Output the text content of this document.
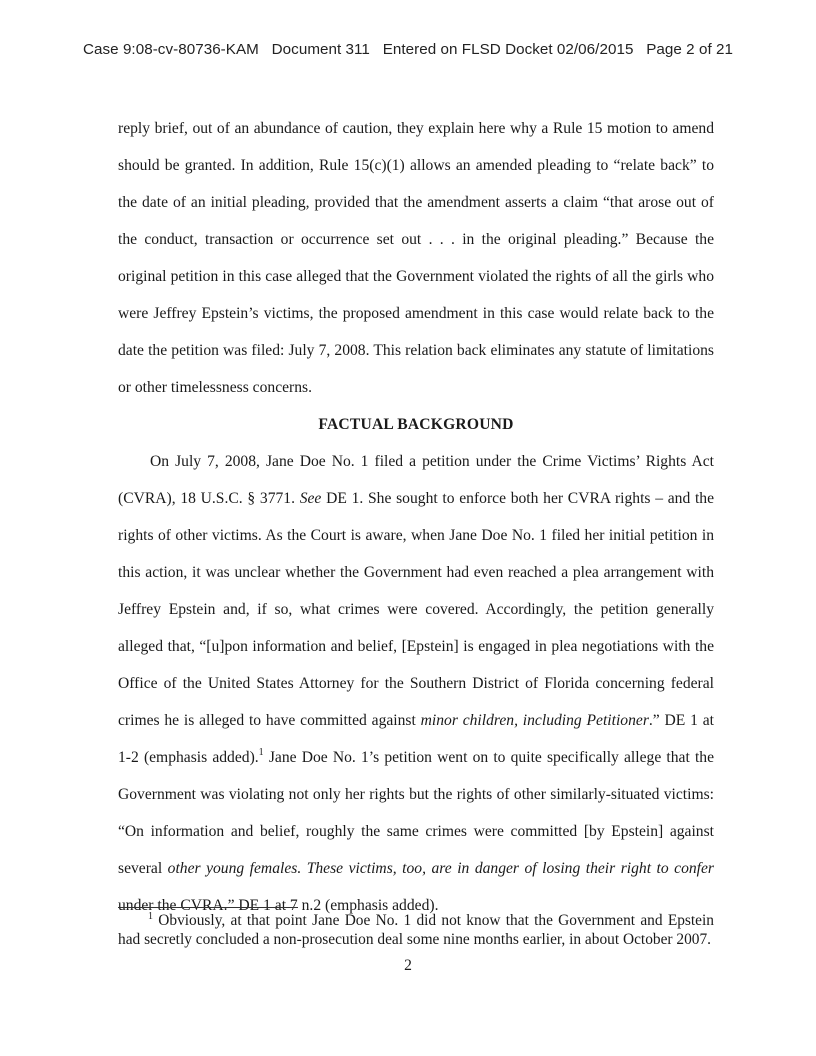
Case 9:08-cv-80736-KAM   Document 311   Entered on FLSD Docket 02/06/2015   Page 2 of 21

reply brief, out of an abundance of caution, they explain here why a Rule 15 motion to amend should be granted. In addition, Rule 15(c)(1) allows an amended pleading to “relate back” to the date of an initial pleading, provided that the amendment asserts a claim “that arose out of the conduct, transaction or occurrence set out . . . in the original pleading.” Because the original petition in this case alleged that the Government violated the rights of all the girls who were Jeffrey Epstein’s victims, the proposed amendment in this case would relate back to the date the petition was filed: July 7, 2008. This relation back eliminates any statute of limitations or other timelessness concerns.

FACTUAL BACKGROUND

On July 7, 2008, Jane Doe No. 1 filed a petition under the Crime Victims’ Rights Act (CVRA), 18 U.S.C. § 3771. See DE 1. She sought to enforce both her CVRA rights – and the rights of other victims. As the Court is aware, when Jane Doe No. 1 filed her initial petition in this action, it was unclear whether the Government had even reached a plea arrangement with Jeffrey Epstein and, if so, what crimes were covered. Accordingly, the petition generally alleged that, “[u]pon information and belief, [Epstein] is engaged in plea negotiations with the Office of the United States Attorney for the Southern District of Florida concerning federal crimes he is alleged to have committed against minor children, including Petitioner.” DE 1 at 1-2 (emphasis added).$^1$ Jane Doe No. 1’s petition went on to quite specifically allege that the Government was violating not only her rights but the rights of other similarly-situated victims: “On information and belief, roughly the same crimes were committed [by Epstein] against several other young females. These victims, too, are in danger of losing their right to confer under the CVRA.” DE 1 at 7 n.2 (emphasis added).

$^1$ Obviously, at that point Jane Doe No. 1 did not know that the Government and Epstein had secretly concluded a non-prosecution deal some nine months earlier, in about October 2007.

2
